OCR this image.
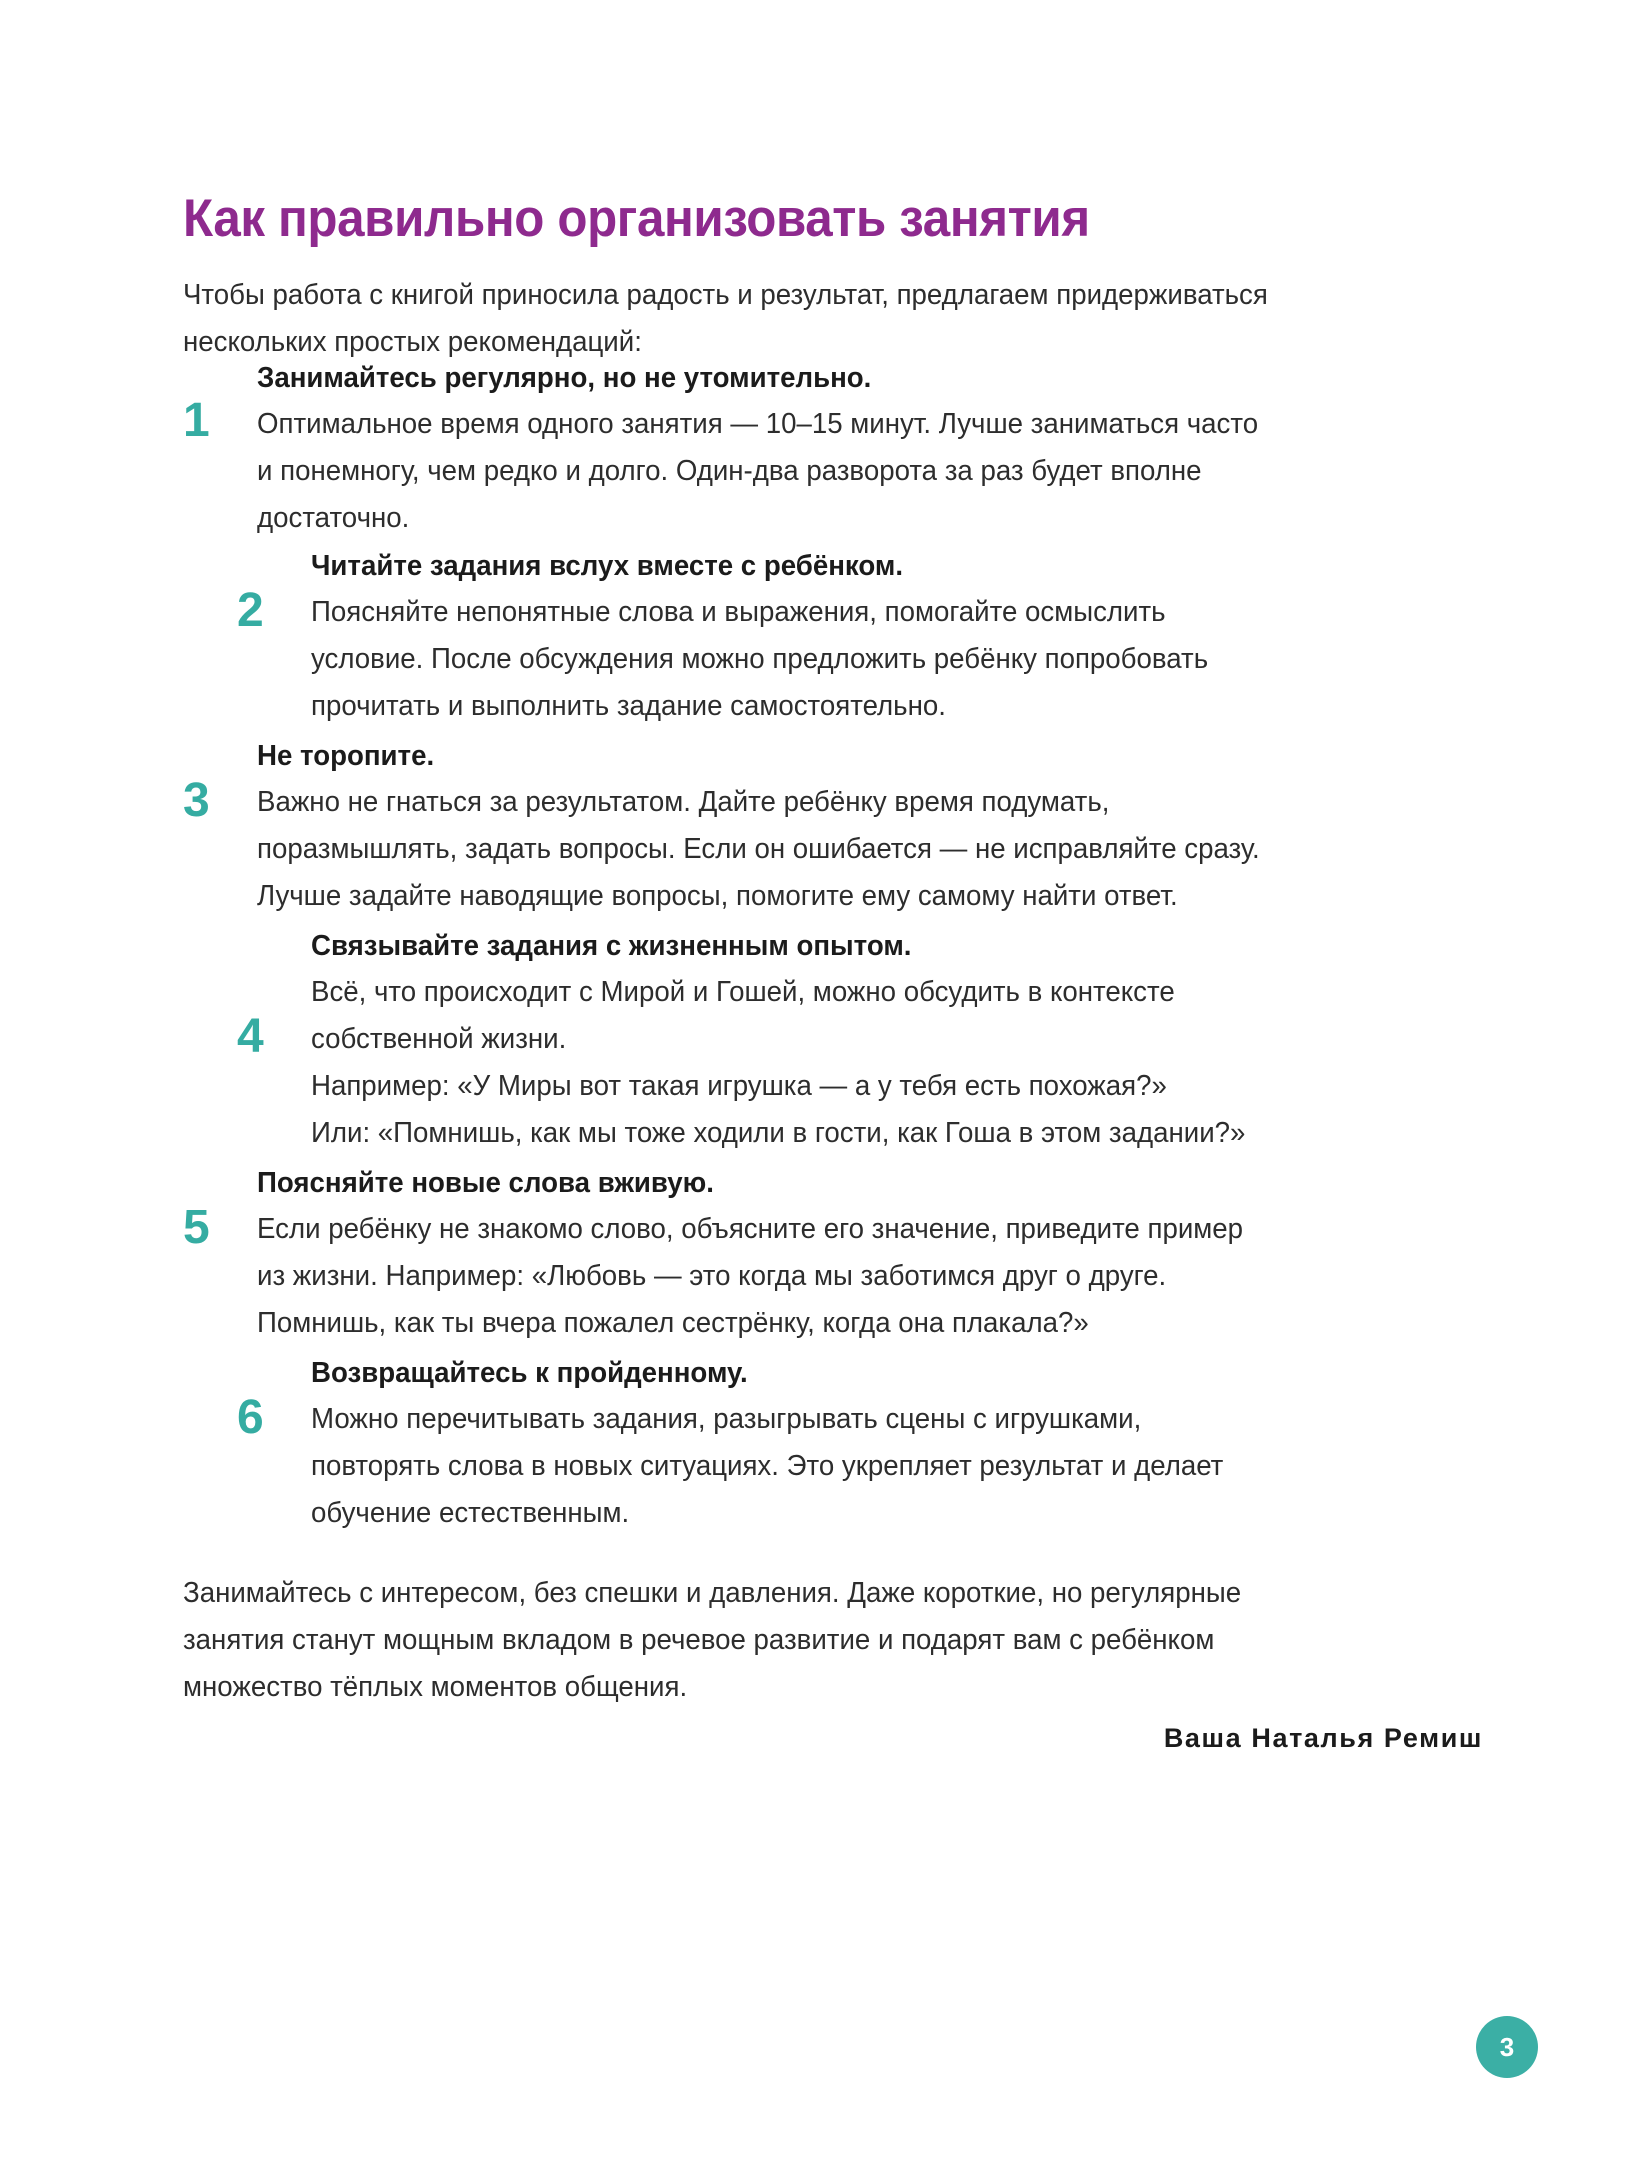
Как правильно организовать занятия

Чтобы работа с книгой приносила радость и результат, предлагаем придерживаться нескольких простых рекомендаций:

1
Занимайтесь регулярно, но не утомительно.
Оптимальное время одного занятия — 10–15 минут. Лучше заниматься часто
и понемногу, чем редко и долго. Один-два разворота за раз будет вполне
достаточно.
2
Читайте задания вслух вместе с ребёнком.
Поясняйте непонятные слова и выражения, помогайте осмыслить
условие. После обсуждения можно предложить ребёнку попробовать
прочитать и выполнить задание самостоятельно.
3
Не торопите.
Важно не гнаться за результатом. Дайте ребёнку время подумать,
поразмышлять, задать вопросы. Если он ошибается — не исправляйте сразу.
Лучше задайте наводящие вопросы, помогите ему самому найти ответ.
4
Связывайте задания с жизненным опытом.
Всё, что происходит с Мирой и Гошей, можно обсудить в контексте
собственной жизни.
Например: «У Миры вот такая игрушка — а у тебя есть похожая?»
Или: «Помнишь, как мы тоже ходили в гости, как Гоша в этом задании?»
5
Поясняйте новые слова вживую.
Если ребёнку не знакомо слово, объясните его значение, приведите пример
из жизни. Например: «Любовь — это когда мы заботимся друг о друге.
Помнишь, как ты вчера пожалел сестрёнку, когда она плакала?»
6
Возвращайтесь к пройденному.
Можно перечитывать задания, разыгрывать сцены с игрушками,
повторять слова в новых ситуациях. Это укрепляет результат и делает
обучение естественным.
Занимайтесь с интересом, без спешки и давления. Даже короткие, но регулярные
занятия станут мощным вкладом в речевое развитие и подарят вам с ребёнком
множество тёплых моментов общения.
Ваша Наталья Ремиш
3
